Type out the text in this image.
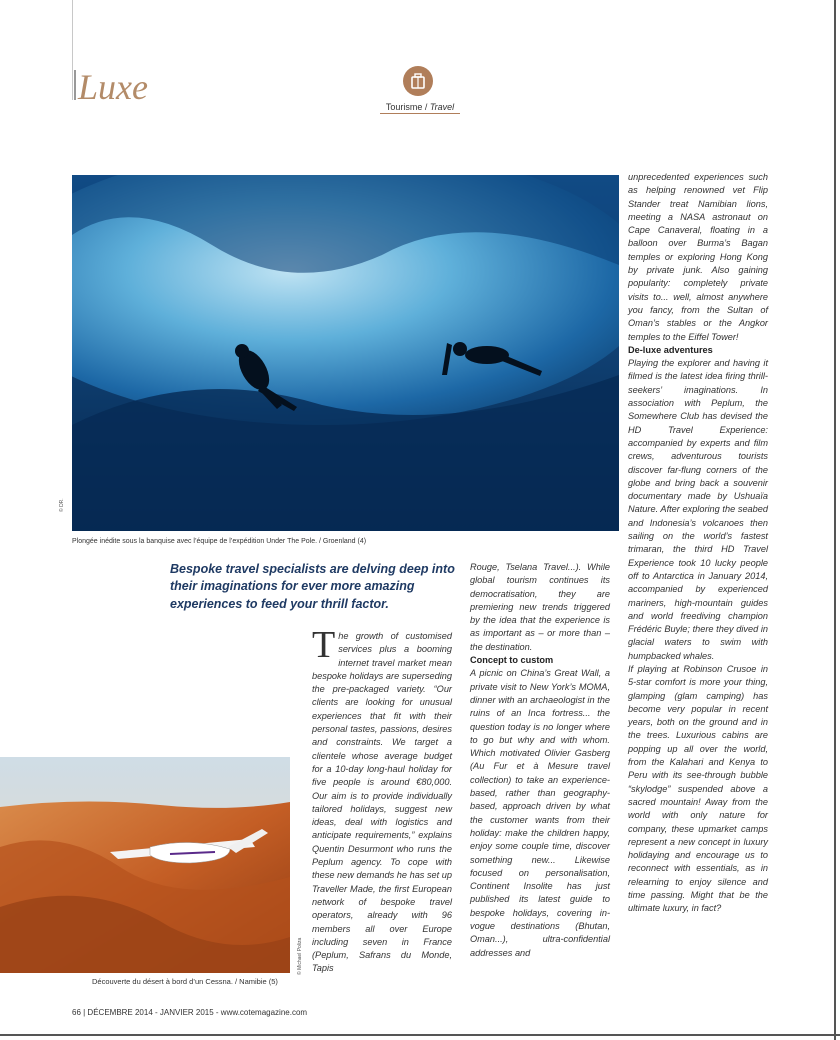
Luxe	Tourisme / Travel
© DR.
Plongée inédite sous la banquise avec l’équipe de l’expédition Under The Pole. / Groenland (4)
Bespoke travel specialists are delving deep into their imaginations for ever more amazing experiences to feed your thrill factor.

The growth of customised services plus a booming internet travel market mean bespoke holidays are superseding the pre-packaged variety. “Our clients are looking for unusual experiences that fit with their personal tastes, passions, desires and constraints. We target a clientele whose average budget for a 10-day long-haul holiday for five people is around €80,000. Our aim is to provide individually tailored holidays, suggest new ideas, deal with logistics and anticipate requirements,” explains Quentin Desurmont who runs the Peplum agency. To cope with these new demands he has set up Traveller Made, the first European network of bespoke travel operators, already with 96 members all over Europe including seven in France (Peplum, Safrans du Monde, Tapis

Rouge, Tselana Travel...). While global tourism continues its democratisation, they are premiering new trends triggered by the idea that the experience is as important as – or more than – the destination.

Concept to custom

A picnic on China’s Great Wall, a private visit to New York’s MOMA, dinner with an archaeologist in the ruins of an Inca fortress... the question today is no longer where to go but why and with whom. Which motivated Olivier Gasberg (Au Fur et à Mesure travel collection) to take an experience-based, rather than geography-based, approach driven by what the customer wants from their holiday: make the children happy, enjoy some couple time, discover something new... Likewise focused on personalisation, Continent Insolite has just published its latest guide to bespoke holidays, covering in-vogue destinations (Bhutan, Oman...), ultra-confidential addresses and

unprecedented experiences such as helping renowned vet Flip Stander treat Namibian lions, meeting a NASA astronaut on Cape Canaveral, floating in a balloon over Burma’s Bagan temples or exploring Hong Kong by private junk. Also gaining popularity: completely private visits to... well, almost anywhere you fancy, from the Sultan of Oman’s stables or the Angkor temples to the Eiffel Tower!

De-luxe adventures

Playing the explorer and having it filmed is the latest idea firing thrill-seekers’ imaginations. In association with Peplum, the Somewhere Club has devised the HD Travel Experience: accompanied by experts and film crews, adventurous tourists discover far-flung corners of the globe and bring back a souvenir documentary made by Ushuaïa Nature. After exploring the seabed and Indonesia’s volcanoes then sailing on the world’s fastest trimaran, the third HD Travel Experience took 10 lucky people off to Antarctica in January 2014, accompanied by experienced mariners, high-mountain guides and world freediving champion Frédéric Buyle; there they dived in glacial waters to swim with humpbacked whales.

If playing at Robinson Crusoe in 5-star comfort is more your thing, glamping (glam camping) has become very popular in recent years, both on the ground and in the trees. Luxurious cabins are popping up all over the world, from the Kalahari and Kenya to Peru with its see-through bubble “skylodge” suspended above a sacred mountain! Away from the world with only nature for company, these upmarket camps represent a new concept in luxury holidaying and encourage us to reconnect with essentials, as in relearning to enjoy silence and time passing. Might that be the ultimate luxury, in fact?

© Michael Poliza
Découverte du désert à bord d’un Cessna. / Namibie (5)
66 | DÉCEMBRE 2014 - JANVIER 2015 - www.cotemagazine.com
